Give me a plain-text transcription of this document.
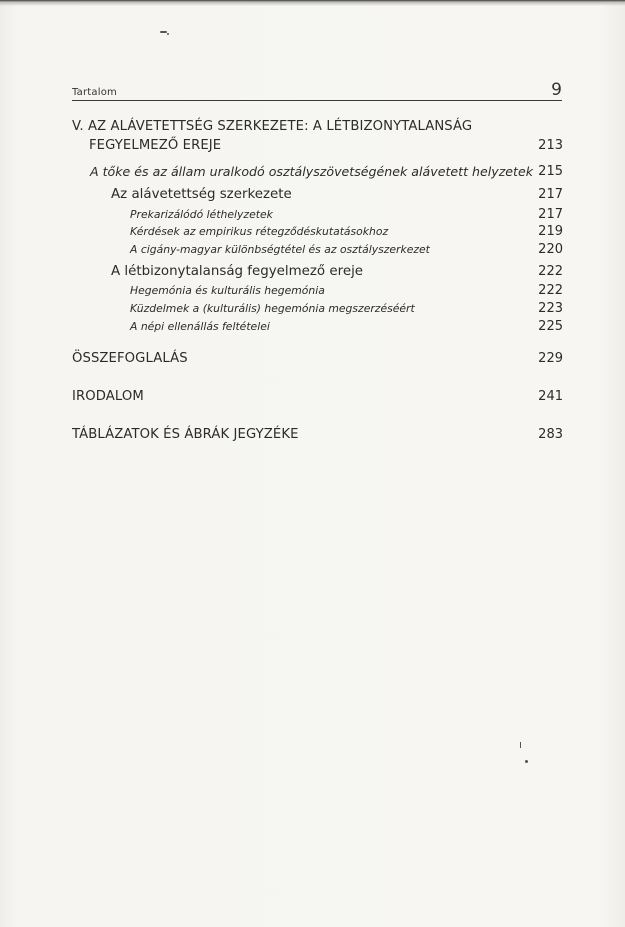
Tartalom	9
V. AZ ALÁVETETTSÉG SZERKEZETE: A LÉTBIZONYTALANSÁG
FEGYELMEZŐ EREJE	213
A tőke és az állam uralkodó osztályszövetségének alávetett helyzetek 215
Az alávetettség szerkezete	217
Prekarizálódó léthelyzetek	217
Kérdések az empirikus rétegződéskutatásokhoz	219
A cigány-magyar különbségtétel és az osztályszerkezet	220
A létbizonytalanság fegyelmező ereje	222
Hegemónia és kulturális hegemónia	222
Küzdelmek a (kulturális) hegemónia megszerzéséért	223
A népi ellenállás feltételei	225
ÖSSZEFOGLALÁS	229
IRODALOM	241
TÁBLÁZATOK ÉS ÁBRÁK JEGYZÉKE	283
